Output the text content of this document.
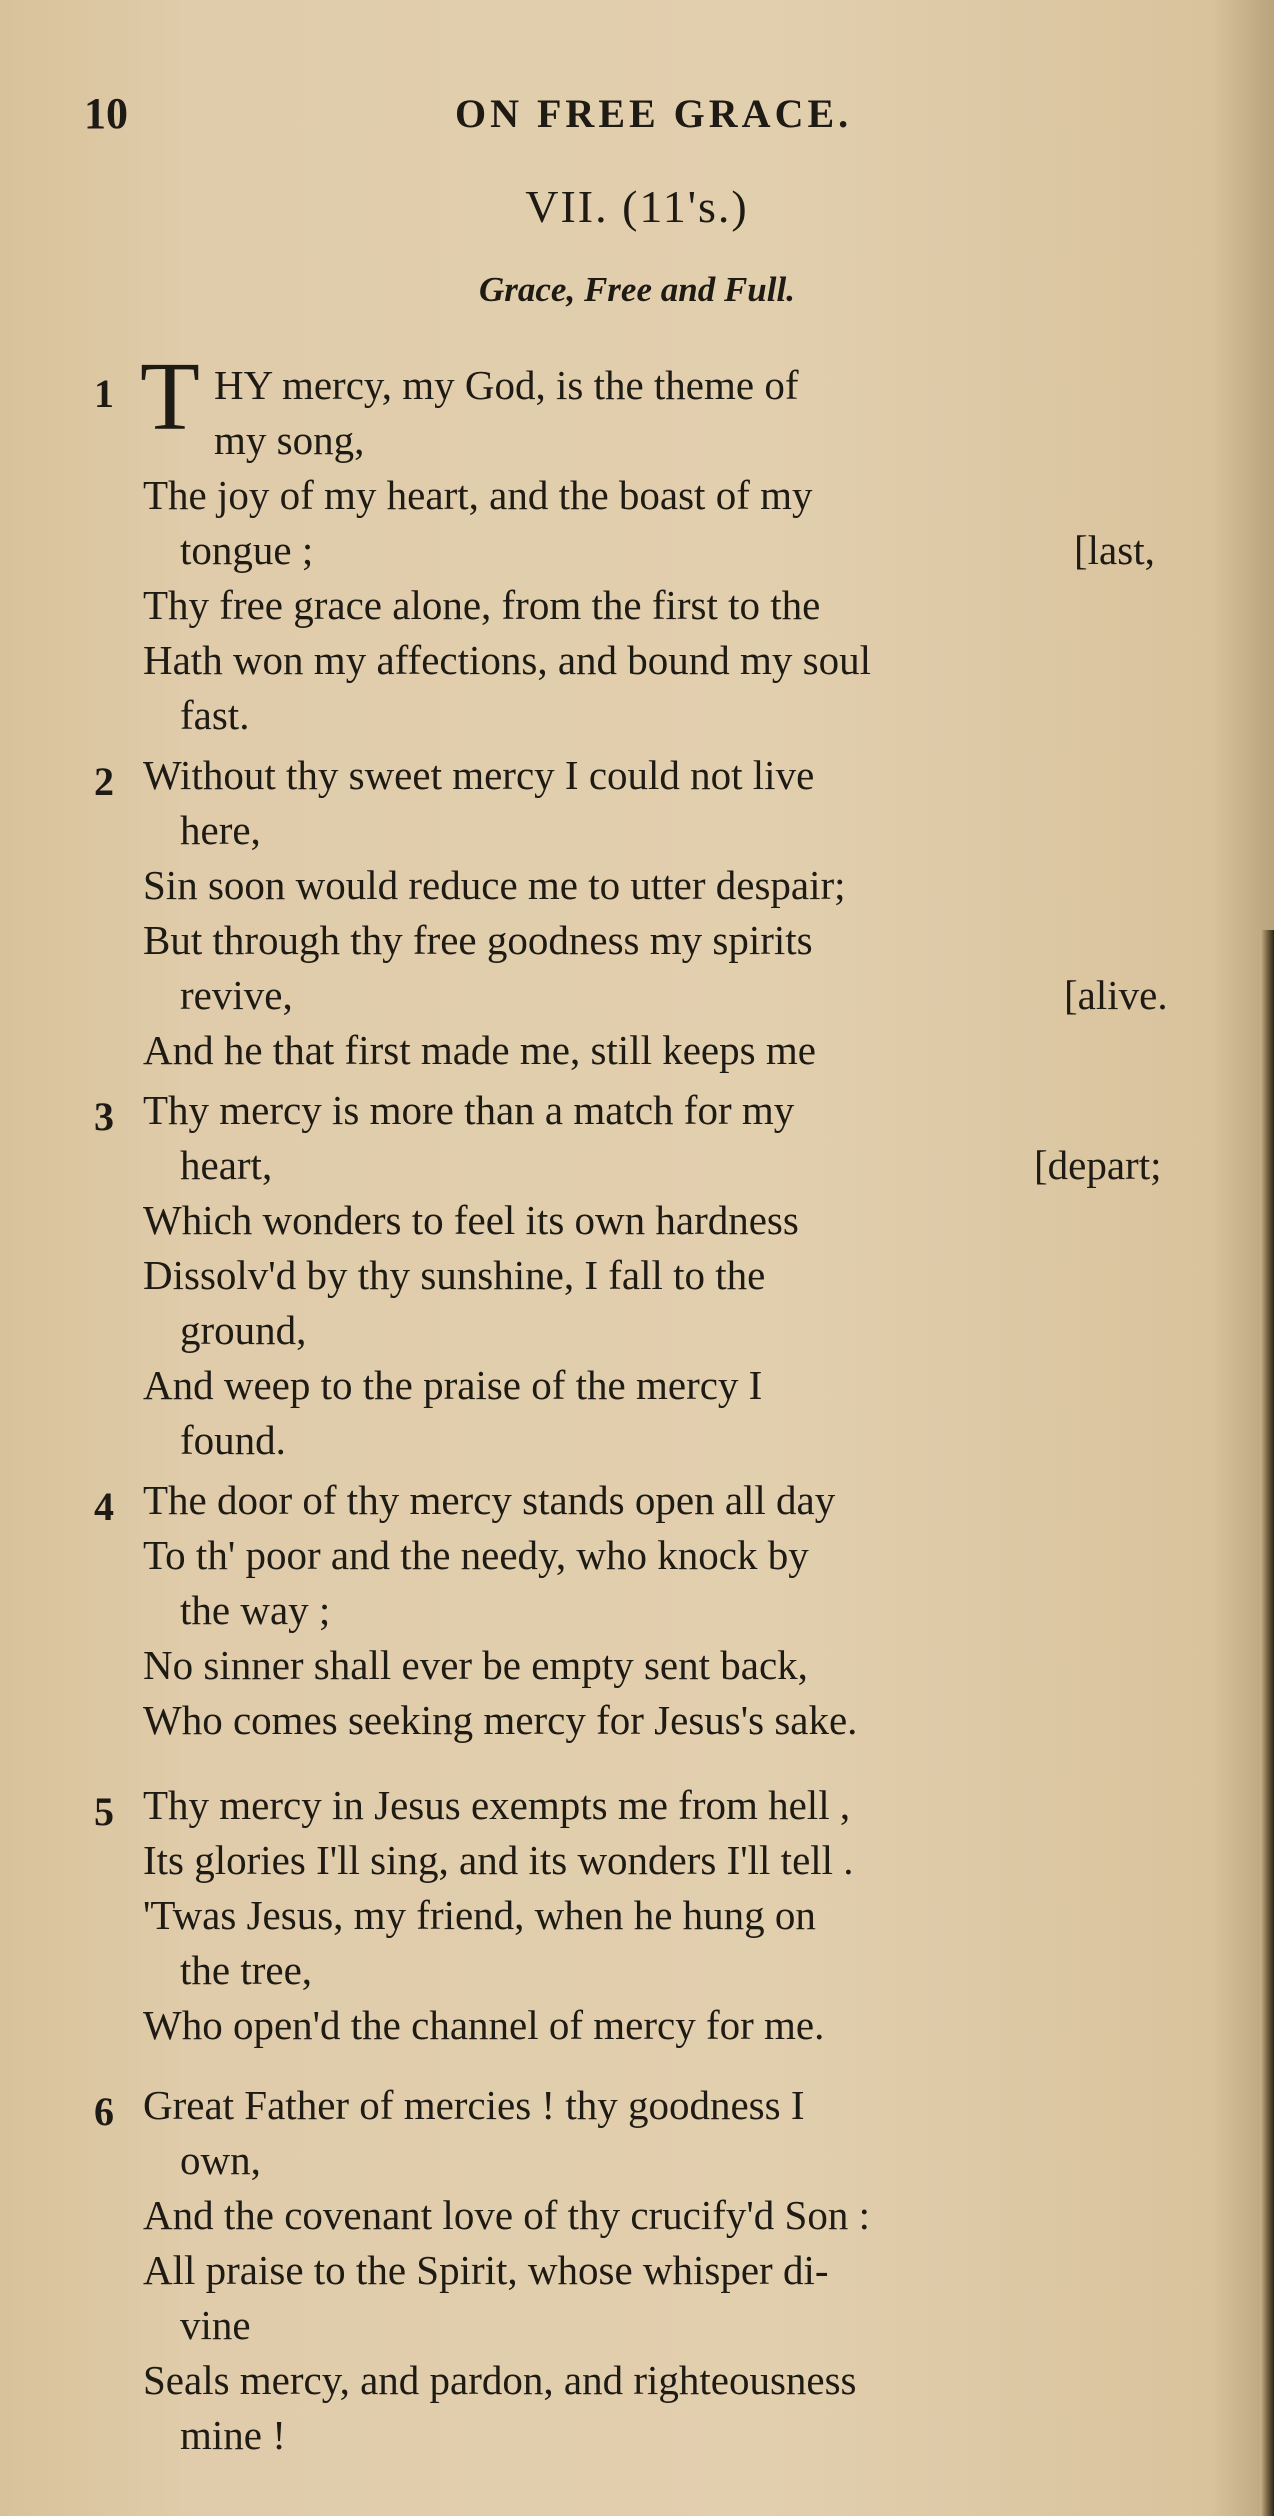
10	ON FREE GRACE.
VII. (11's.)
Grace, Free and Full.
1 T HY mercy, my God, is the theme of
my song,
The joy of my heart, and the boast of my
tongue ;	[last,
Thy free grace alone, from the first to the
Hath won my affections, and bound my soul
fast.
2 Without thy sweet mercy I could not live
here,
Sin soon would reduce me to utter despair;
But through thy free goodness my spirits
revive,	[alive.
And he that first made me, still keeps me
3 Thy mercy is more than a match for my
heart,	[depart;
Which wonders to feel its own hardness
Dissolv'd by thy sunshine, I fall to the
ground,
And weep to the praise of the mercy I
found.
4 The door of thy mercy stands open all day
To th' poor and the needy, who knock by
the way ;
No sinner shall ever be empty sent back,
Who comes seeking mercy for Jesus's sake.
5 Thy mercy in Jesus exempts me from hell ,
Its glories I'll sing, and its wonders I'll tell .
'Twas Jesus, my friend, when he hung on
the tree,
Who open'd the channel of mercy for me.
6 Great Father of mercies ! thy goodness I
own,
And the covenant love of thy crucify'd Son :
All praise to the Spirit, whose whisper di-
vine
Seals mercy, and pardon, and righteousness
mine !
